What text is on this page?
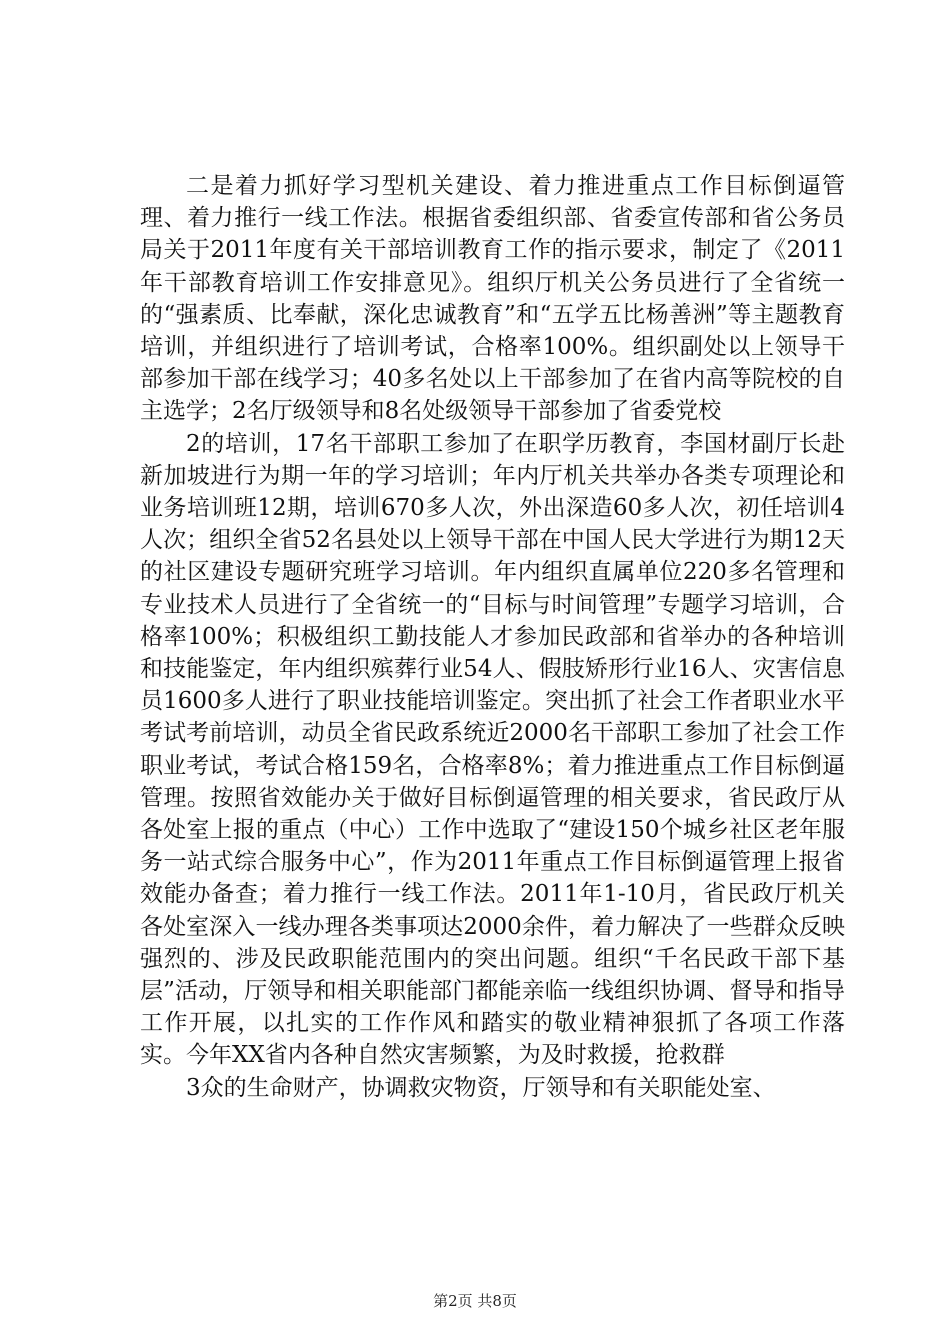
二是着力抓好学习型机关建设、着力推进重点工作目标倒逼管理、着力推行一线工作法。根据省委组织部、省委宣传部和省公务员局关于2011年度有关干部培训教育工作的指示要求，制定了《2011年干部教育培训工作安排意见》。组织厅机关公务员进行了全省统一的“强素质、比奉献，深化忠诚教育”和“五学五比杨善洲”等主题教育培训，并组织进行了培训考试，合格率100%。组织副处以上领导干部参加干部在线学习；40多名处以上干部参加了在省内高等院校的自主选学；2名厅级领导和8名处级领导干部参加了省委党校

2的培训，17名干部职工参加了在职学历教育，李国材副厅长赴新加坡进行为期一年的学习培训；年内厅机关共举办各类专项理论和业务培训班12期，培训670多人次，外出深造60多人次，初任培训4人次；组织全省52名县处以上领导干部在中国人民大学进行为期12天的社区建设专题研究班学习培训。年内组织直属单位220多名管理和专业技术人员进行了全省统一的“目标与时间管理”专题学习培训，合格率100%；积极组织工勤技能人才参加民政部和省举办的各种培训和技能鉴定，年内组织殡葬行业54人、假肢矫形行业16人、灾害信息员1600多人进行了职业技能培训鉴定。突出抓了社会工作者职业水平考试考前培训，动员全省民政系统近2000名干部职工参加了社会工作职业考试，考试合格159名，合格率8%；着力推进重点工作目标倒逼管理。按照省效能办关于做好目标倒逼管理的相关要求，省民政厅从各处室上报的重点（中心）工作中选取了“建设150个城乡社区老年服务一站式综合服务中心”，作为2011年重点工作目标倒逼管理上报省效能办备查；着力推行一线工作法。2011年1-10月，省民政厅机关各处室深入一线办理各类事项达2000余件，着力解决了一些群众反映强烈的、涉及民政职能范围内的突出问题。组织“千名民政干部下基层”活动，厅领导和相关职能部门都能亲临一线组织协调、督导和指导工作开展，以扎实的工作作风和踏实的敬业精神狠抓了各项工作落实。今年XX省内各种自然灾害频繁，为及时救援，抢救群

3众的生命财产，协调救灾物资，厅领导和有关职能处室、

第2页 共8页
